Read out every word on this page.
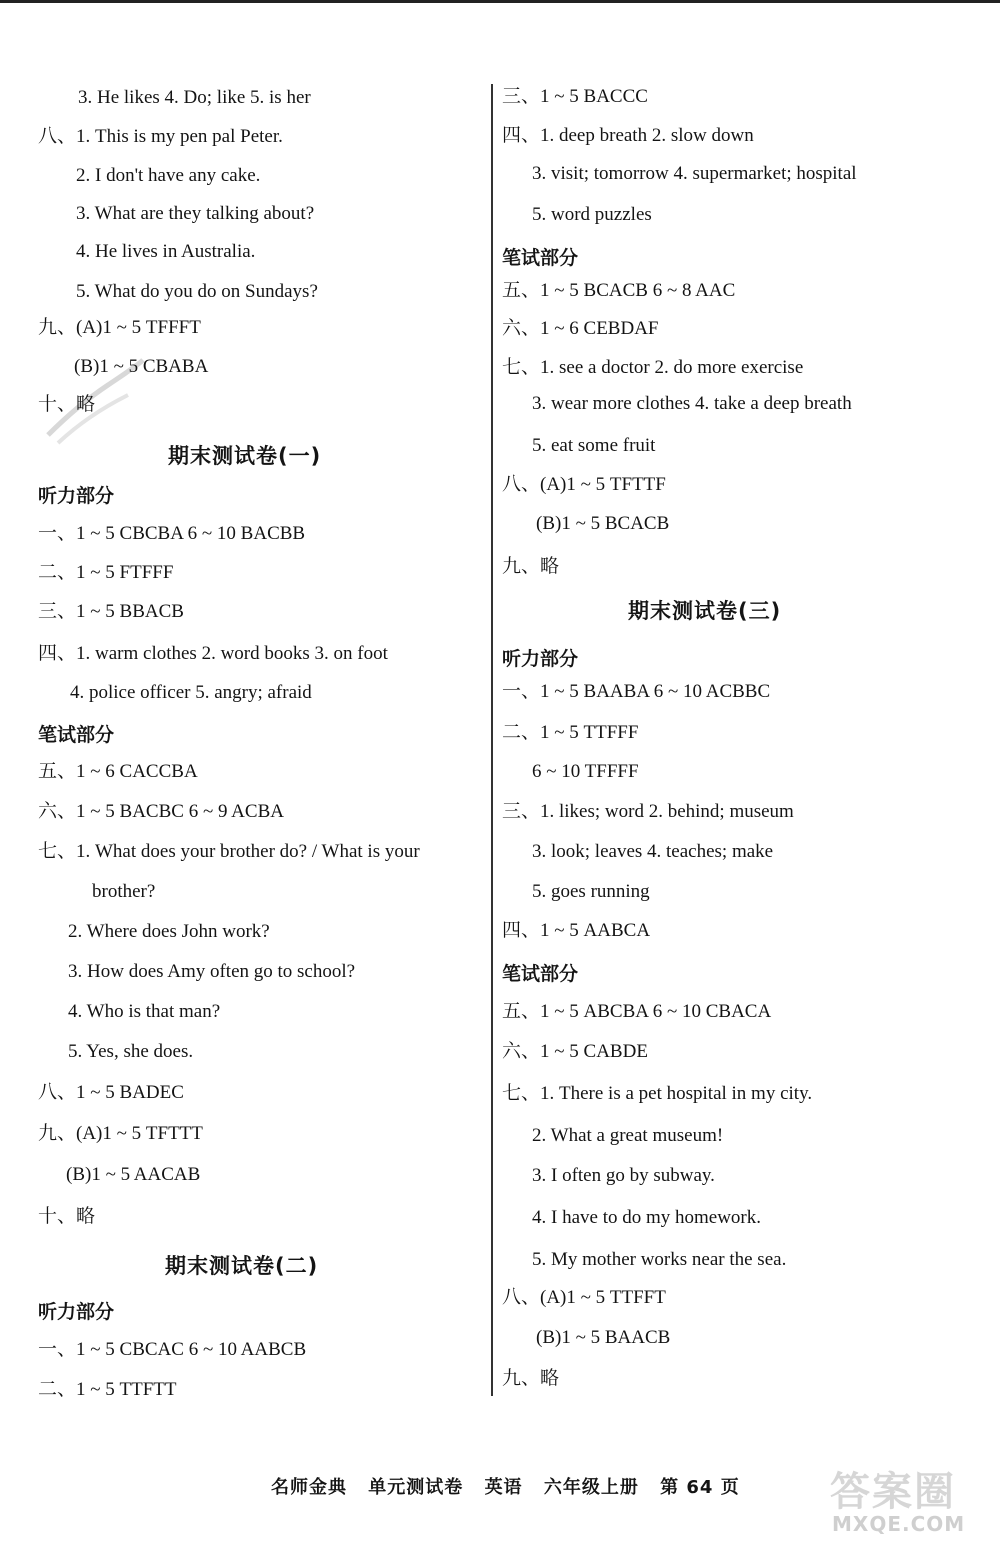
3. He likes 4. Do; like 5. is her
八、1. This is my pen pal Peter.
2. I don't have any cake.
3. What are they talking about?
4. He lives in Australia.
5. What do you do on Sundays?
九、(A)1 ~ 5 TFFFT
(B)1 ~ 5 CBABA
十、略
期末测试卷(一)
听力部分
一、1 ~ 5 CBCBA 6 ~ 10 BACBB
二、1 ~ 5 FTFFF
三、1 ~ 5 BBACB
四、1. warm clothes 2. word books 3. on foot
4. police officer 5. angry; afraid
笔试部分
五、1 ~ 6 CACCBA
六、1 ~ 5 BACBC 6 ~ 9 ACBA
七、1. What does your brother do? / What is your
brother?
2. Where does John work?
3. How does Amy often go to school?
4. Who is that man?
5. Yes, she does.
八、1 ~ 5 BADEC
九、(A)1 ~ 5 TFTTT
(B)1 ~ 5 AACAB
十、略
期末测试卷(二)
听力部分
一、1 ~ 5 CBCAC 6 ~ 10 AABCB
二、1 ~ 5 TTFTT
三、1 ~ 5 BACCC
四、1. deep breath 2. slow down
3. visit; tomorrow 4. supermarket; hospital
5. word puzzles
笔试部分
五、1 ~ 5 BCACB 6 ~ 8 AAC
六、1 ~ 6 CEBDAF
七、1. see a doctor 2. do more exercise
3. wear more clothes 4. take a deep breath
5. eat some fruit
八、(A)1 ~ 5 TFTTF
(B)1 ~ 5 BCACB
九、略
期末测试卷(三)
听力部分
一、1 ~ 5 BAABA 6 ~ 10 ACBBC
二、1 ~ 5 TTFFF
6 ~ 10 TFFFF
三、1. likes; word 2. behind; museum
3. look; leaves 4. teaches; make
5. goes running
四、1 ~ 5 AABCA
笔试部分
五、1 ~ 5 ABCBA 6 ~ 10 CBACA
六、1 ~ 5 CABDE
七、1. There is a pet hospital in my city.
2. What a great museum!
3. I often go by subway.
4. I have to do my homework.
5. My mother works near the sea.
八、(A)1 ~ 5 TTFFT
(B)1 ~ 5 BAACB
九、略
名师金典 单元测试卷 英语 六年级上册 第 64 页	答案圈
MXQE.COM
